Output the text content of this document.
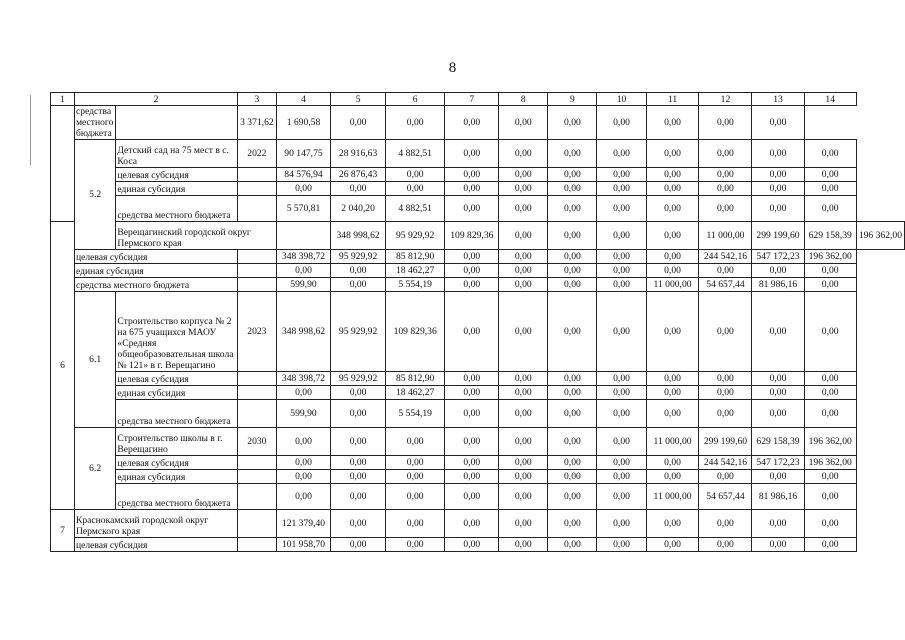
8
1	2		3	4	5	6	7	8	9	10	11	12	13	14	
	средства местного бюджета		3 371,62	1 690,58	0,00	0,00	0,00	0,00	0,00	0,00	0,00	0,00	0,00		
	5.2	Детский сад на 75 мест в с. Коса	2022	90 147,75	28 916,63	4 882,51	0,00	0,00	0,00	0,00	0,00	0,00	0,00	0,00	
		целевая субсидия		84 576,94	26 876,43	0,00	0,00	0,00	0,00	0,00	0,00	0,00	0,00	0,00	
		единая субсидия		0,00	0,00	0,00	0,00	0,00	0,00	0,00	0,00	0,00	0,00	0,00	
		средства местного бюджета		5 570,81	2 040,20	4 882,51	0,00	0,00	0,00	0,00	0,00	0,00	0,00	0,00	
6		Верещагинский городской округ Пермского края			348 998,62	95 929,92	109 829,36	0,00	0,00	0,00	0,00	11 000,00	299 199,60	629 158,39	196 362,00
	целевая субсидия			348 398,72	95 929,92	85 812,90	0,00	0,00	0,00	0,00	0,00	244 542,16	547 172,23	196 362,00	
	единая субсидия			0,00	0,00	18 462,27	0,00	0,00	0,00	0,00	0,00	0,00	0,00	0,00	
	средства местного бюджета			599,90	0,00	5 554,19	0,00	0,00	0,00	0,00	11 000,00	54 657,44	81 986,16	0,00	
	6.1	Строительство корпуса № 2 на 675 учащихся МАОУ «Средняя общеобразовательная школа № 121» в г. Верещагино	2023	348 998,62	95 929,92	109 829,36	0,00	0,00	0,00	0,00	0,00	0,00	0,00	0,00	
		целевая субсидия		348 398,72	95 929,92	85 812,90	0,00	0,00	0,00	0,00	0,00	0,00	0,00	0,00	
		единая субсидия		0,00	0,00	18 462,27	0,00	0,00	0,00	0,00	0,00	0,00	0,00	0,00	
		средства местного бюджета		599,90	0,00	5 554,19	0,00	0,00	0,00	0,00	0,00	0,00	0,00	0,00	
	6.2	Строительство школы в г. Верещагино	2030	0,00	0,00	0,00	0,00	0,00	0,00	0,00	11 000,00	299 199,60	629 158,39	196 362,00	
		целевая субсидия		0,00	0,00	0,00	0,00	0,00	0,00	0,00	0,00	244 542,16	547 172,23	196 362,00	
		единая субсидия		0,00	0,00	0,00	0,00	0,00	0,00	0,00	0,00	0,00	0,00	0,00	
		средства местного бюджета		0,00	0,00	0,00	0,00	0,00	0,00	0,00	11 000,00	54 657,44	81 986,16	0,00	
7	Краснокамский городской округ Пермского края			121 379,40	0,00	0,00	0,00	0,00	0,00	0,00	0,00	0,00	0,00	0,00	
	целевая субсидия			101 958,70	0,00	0,00	0,00	0,00	0,00	0,00	0,00	0,00	0,00	0,00	
